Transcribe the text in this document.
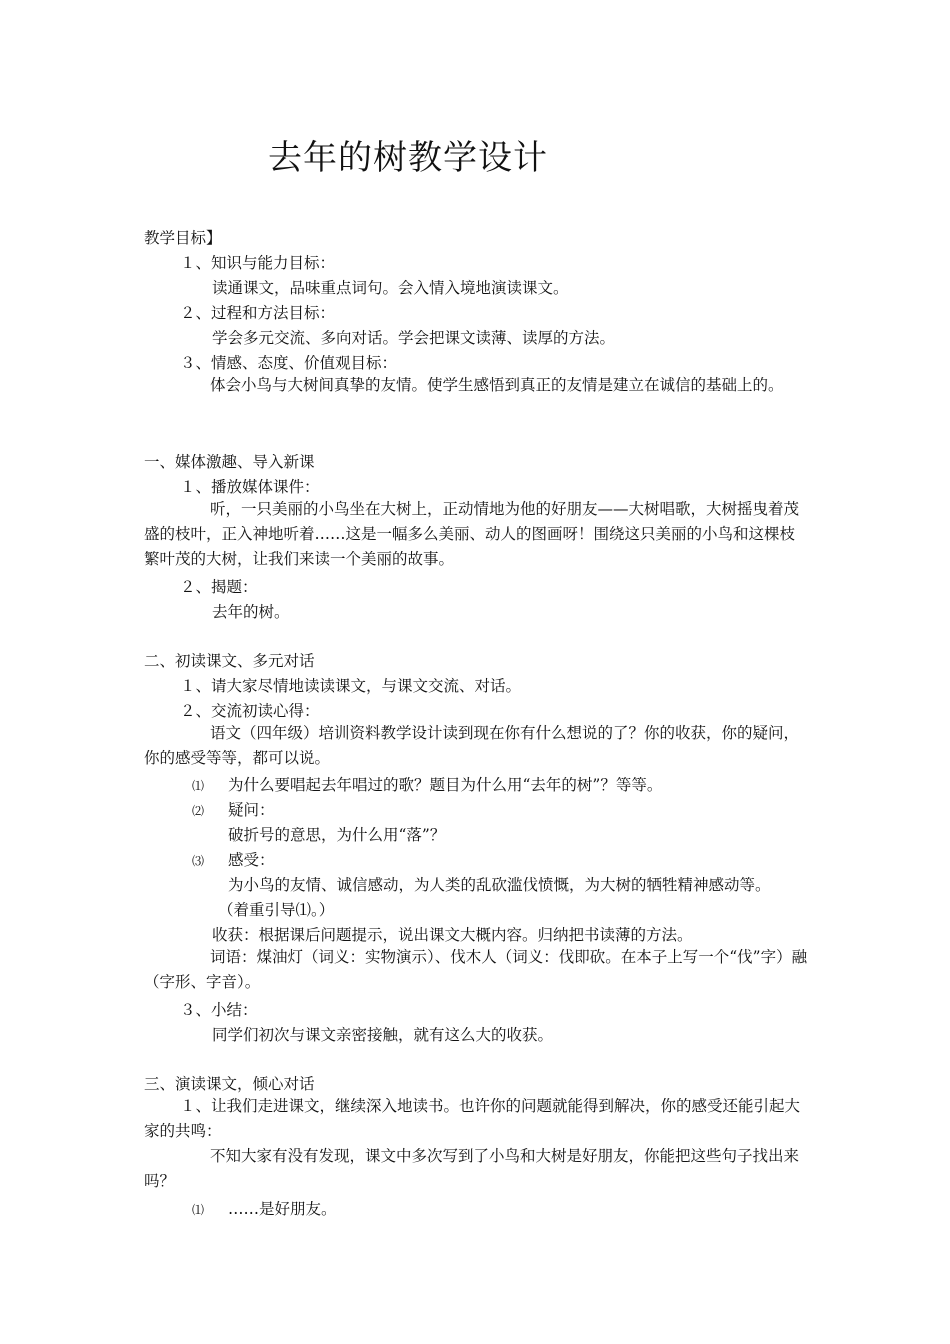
去年的树教学设计
教学目标】
１、知识与能力目标：
读通课文，品味重点词句。会入情入境地演读课文。
２、过程和方法目标：
学会多元交流、多向对话。学会把课文读薄、读厚的方法。
３、情感、态度、价值观目标：
体会小鸟与大树间真挚的友情。使学生感悟到真正的友情是建立在诚信的基础上的。
一、媒体激趣、导入新课
１、播放媒体课件：
听，一只美丽的小鸟坐在大树上，正动情地为他的好朋友——大树唱歌，大树摇曳着茂盛的枝叶，正入神地听着……这是一幅多么美丽、动人的图画呀！围绕这只美丽的小鸟和这棵枝繁叶茂的大树，让我们来读一个美丽的故事。
２、揭题：
去年的树。
二、初读课文、多元对话
１、请大家尽情地读读课文，与课文交流、对话。
２、交流初读心得：
语文（四年级）培训资料教学设计读到现在你有什么想说的了？你的收获，你的疑问，你的感受等等，都可以说。
⑴ 为什么要唱起去年唱过的歌？题目为什么用“去年的树”？等等。
⑵ 疑问：
破折号的意思，为什么用“落”？
⑶ 感受：
为小鸟的友情、诚信感动，为人类的乱砍滥伐愤慨，为大树的牺牲精神感动等。
（着重引导⑴。）
收获：根据课后问题提示，说出课文大概内容。归纳把书读薄的方法。
词语：煤油灯（词义：实物演示）、伐木人（词义：伐即砍。在本子上写一个“伐”字）融（字形、字音）。
３、小结：
同学们初次与课文亲密接触，就有这么大的收获。
三、演读课文，倾心对话
１、让我们走进课文，继续深入地读书。也许你的问题就能得到解决，你的感受还能引起大家的共鸣：
不知大家有没有发现，课文中多次写到了小鸟和大树是好朋友，你能把这些句子找出来吗？
⑴ ……是好朋友。
